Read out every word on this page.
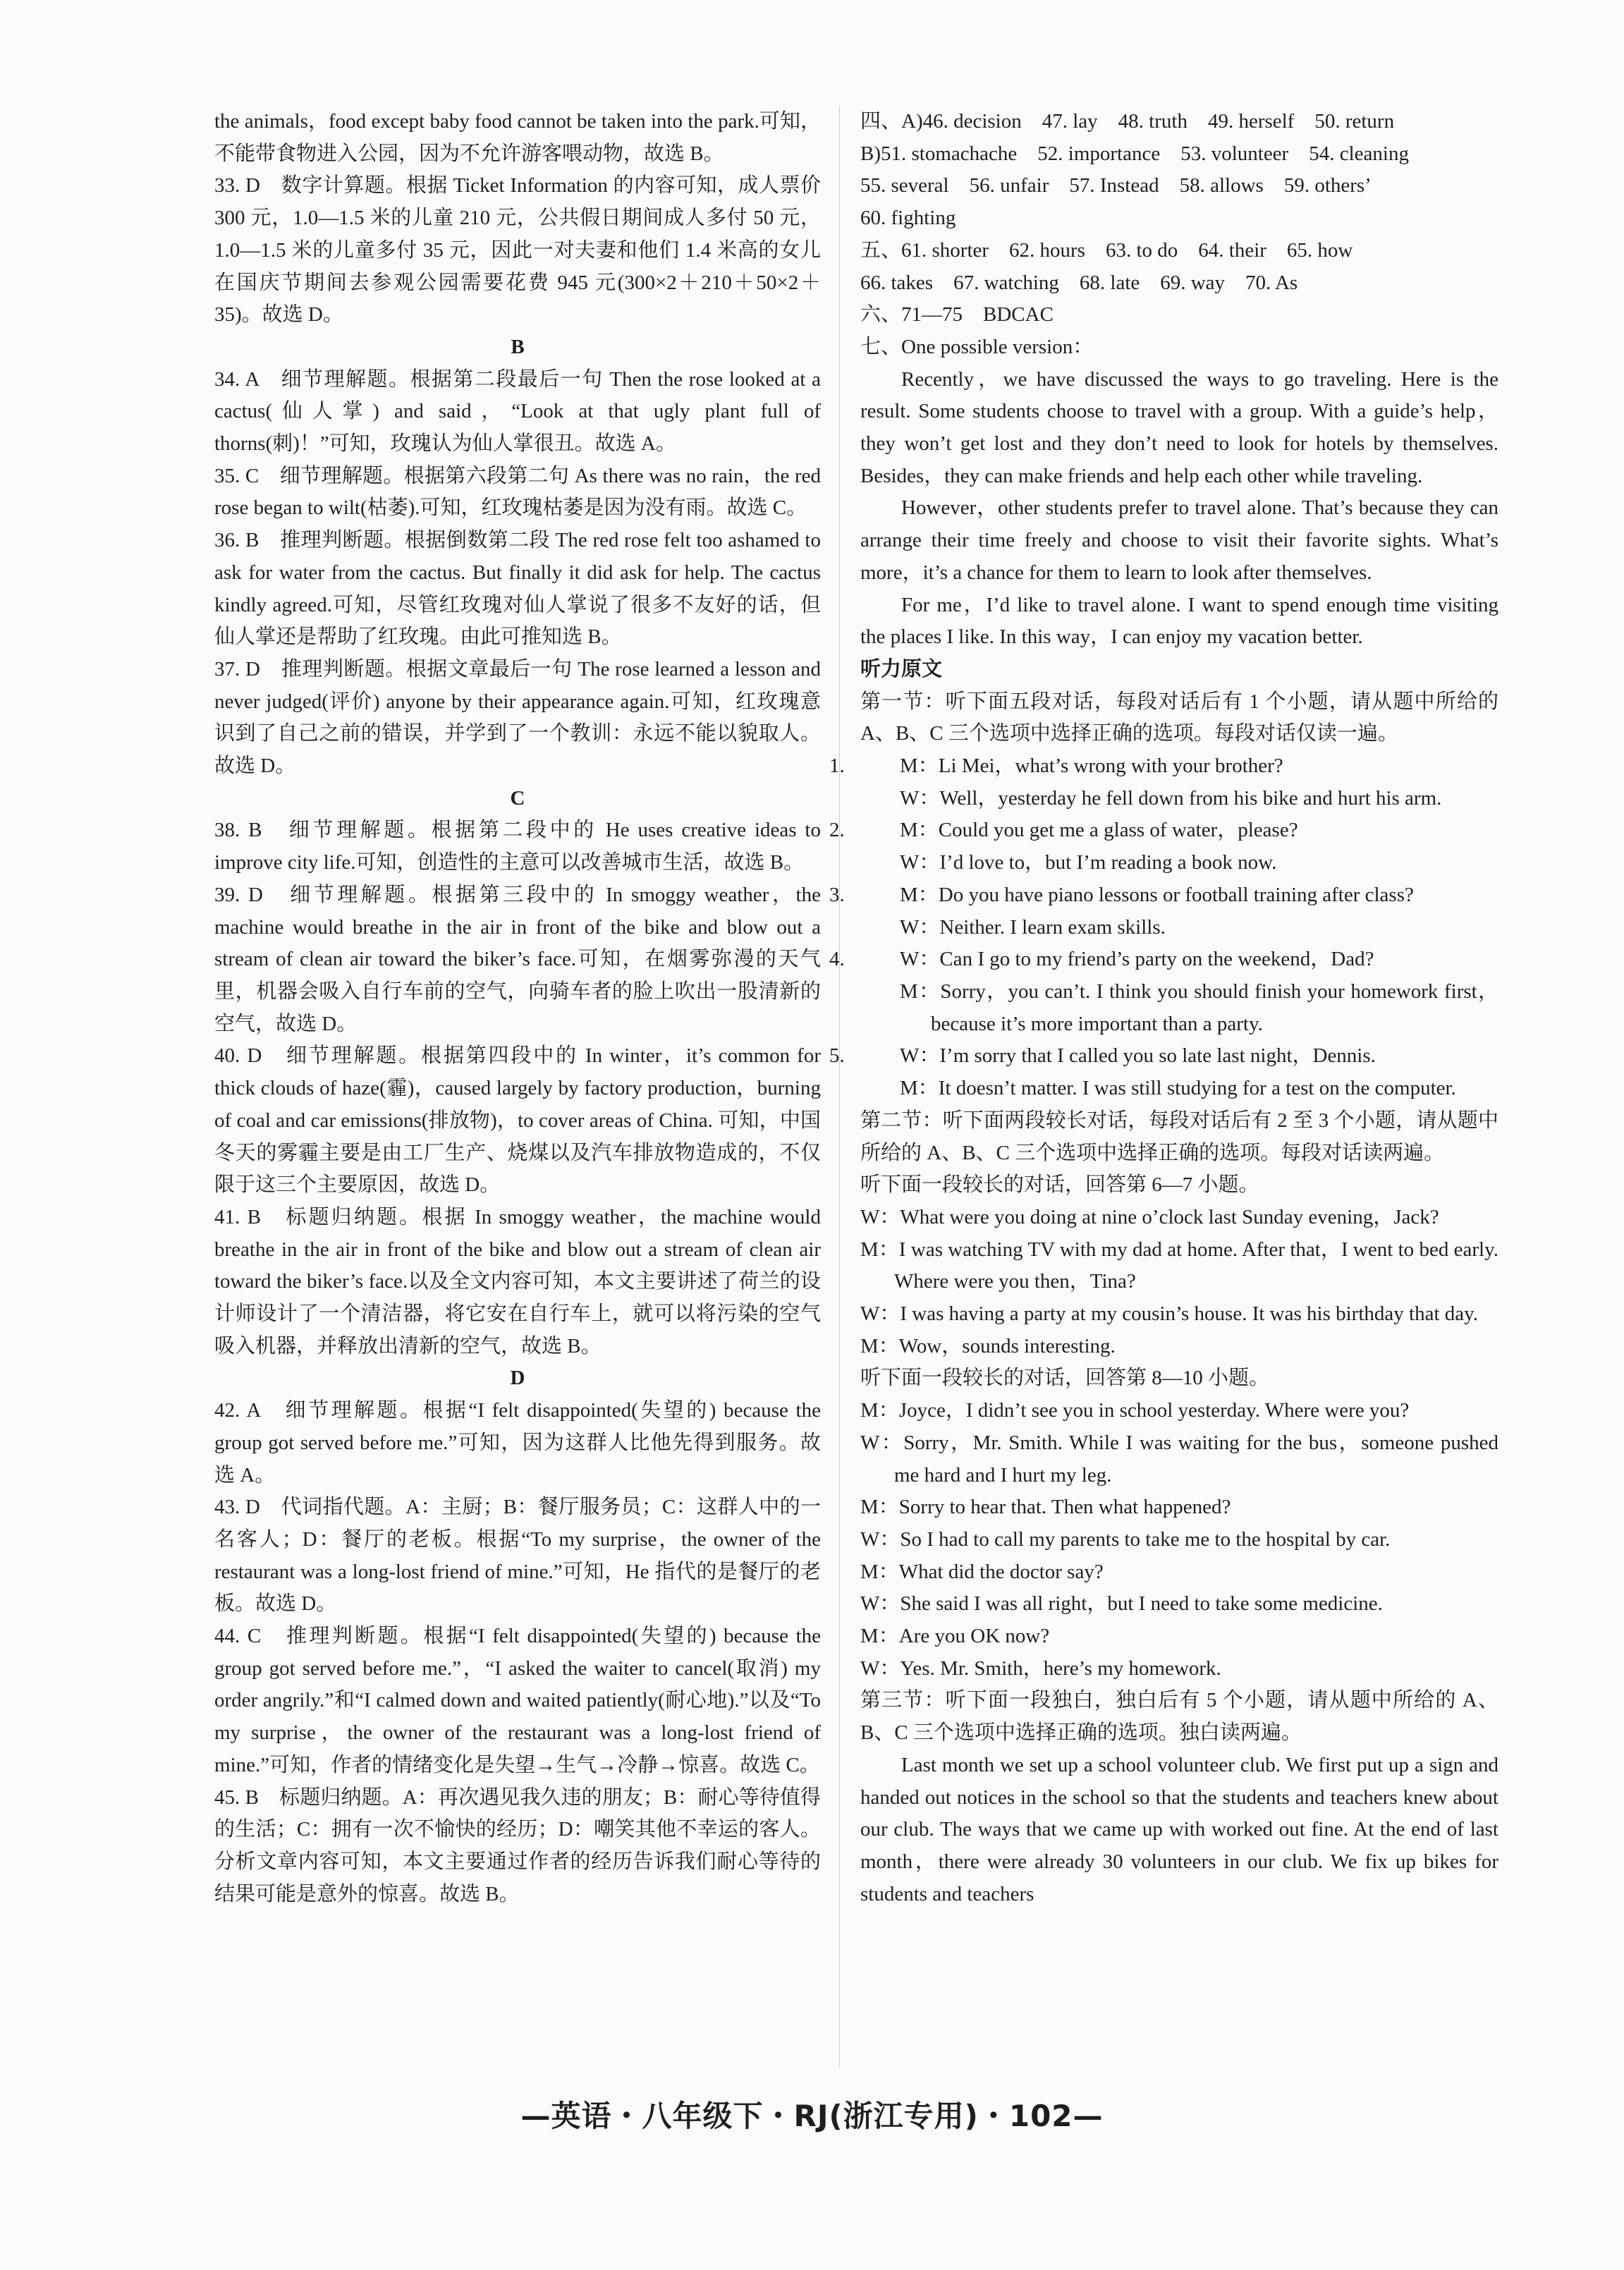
the animals，food except baby food cannot be taken into the park.可知，不能带食物进入公园，因为不允许游客喂动物，故选 B。

33. D　数字计算题。根据 Ticket Information 的内容可知，成人票价 300 元，1.0—1.5 米的儿童 210 元，公共假日期间成人多付 50 元，1.0—1.5 米的儿童多付 35 元，因此一对夫妻和他们 1.4 米高的女儿在国庆节期间去参观公园需要花费 945 元(300×2＋210＋50×2＋35)。故选 D。

B

34. A　细节理解题。根据第二段最后一句 Then the rose looked at a cactus(仙人掌) and said，“Look at that ugly plant full of thorns(刺)！”可知，玫瑰认为仙人掌很丑。故选 A。

35. C　细节理解题。根据第六段第二句 As there was no rain，the red rose began to wilt(枯萎).可知，红玫瑰枯萎是因为没有雨。故选 C。

36. B　推理判断题。根据倒数第二段 The red rose felt too ashamed to ask for water from the cactus. But finally it did ask for help. The cactus kindly agreed.可知，尽管红玫瑰对仙人掌说了很多不友好的话，但仙人掌还是帮助了红玫瑰。由此可推知选 B。

37. D　推理判断题。根据文章最后一句 The rose learned a lesson and never judged(评价) anyone by their appearance again.可知，红玫瑰意识到了自己之前的错误，并学到了一个教训：永远不能以貌取人。故选 D。

C

38. B　细节理解题。根据第二段中的 He uses creative ideas to improve city life.可知，创造性的主意可以改善城市生活，故选 B。

39. D　细节理解题。根据第三段中的 In smoggy weather，the machine would breathe in the air in front of the bike and blow out a stream of clean air toward the biker’s face.可知，在烟雾弥漫的天气里，机器会吸入自行车前的空气，向骑车者的脸上吹出一股清新的空气，故选 D。

40. D　细节理解题。根据第四段中的 In winter，it’s common for thick clouds of haze(霾)，caused largely by factory production，burning of coal and car emissions(排放物)，to cover areas of China. 可知，中国冬天的雾霾主要是由工厂生产、烧煤以及汽车排放物造成的，不仅限于这三个主要原因，故选 D。

41. B　标题归纳题。根据 In smoggy weather，the machine would breathe in the air in front of the bike and blow out a stream of clean air toward the biker’s face.以及全文内容可知，本文主要讲述了荷兰的设计师设计了一个清洁器，将它安在自行车上，就可以将污染的空气吸入机器，并释放出清新的空气，故选 B。

D

42. A　细节理解题。根据“I felt disappointed(失望的) because the group got served before me.”可知，因为这群人比他先得到服务。故选 A。

43. D　代词指代题。A：主厨；B：餐厅服务员；C：这群人中的一名客人；D：餐厅的老板。根据“To my surprise，the owner of the restaurant was a long-lost friend of mine.”可知，He 指代的是餐厅的老板。故选 D。

44. C　推理判断题。根据“I felt disappointed(失望的) because the group got served before me.”，“I asked the waiter to cancel(取消) my order angrily.”和“I calmed down and waited patiently(耐心地).”以及“To my surprise，the owner of the restaurant was a long-lost friend of mine.”可知，作者的情绪变化是失望→生气→冷静→惊喜。故选 C。

45. B　标题归纳题。A：再次遇见我久违的朋友；B：耐心等待值得的生活；C：拥有一次不愉快的经历；D：嘲笑其他不幸运的客人。分析文章内容可知，本文主要通过作者的经历告诉我们耐心等待的结果可能是意外的惊喜。故选 B。

四、A)46. decision　47. lay　48. truth　49. herself　50. return

B)51. stomachache　52. importance　53. volunteer　54. cleaning

55. several　56. unfair　57. Instead　58. allows　59. others’

60. fighting

五、61. shorter　62. hours　63. to do　64. their　65. how

66. takes　67. watching　68. late　69. way　70. As

六、71—75　BDCAC

七、One possible version：

Recently，we have discussed the ways to go traveling. Here is the result. Some students choose to travel with a group. With a guide’s help，they won’t get lost and they don’t need to look for hotels by themselves. Besides，they can make friends and help each other while traveling.

However，other students prefer to travel alone. That’s because they can arrange their time freely and choose to visit their favorite sights. What’s more，it’s a chance for them to learn to look after themselves.

For me，I’d like to travel alone. I want to spend enough time visiting the places I like. In this way，I can enjoy my vacation better.

听力原文

第一节：听下面五段对话，每段对话后有 1 个小题，请从题中所给的 A、B、C 三个选项中选择正确的选项。每段对话仅读一遍。

1.	M：Li Mei，what’s wrong with your brother?

W：Well，yesterday he fell down from his bike and hurt his arm.

2.	M：Could you get me a glass of water，please?

W：I’d love to，but I’m reading a book now.

3.	M：Do you have piano lessons or football training after class?

W：Neither. I learn exam skills.

4.	W：Can I go to my friend’s party on the weekend，Dad?

M：Sorry，you can’t. I think you should finish your homework first，because it’s more important than a party.

5.	W：I’m sorry that I called you so late last night，Dennis.

M：It doesn’t matter. I was still studying for a test on the computer.

第二节：听下面两段较长对话，每段对话后有 2 至 3 个小题，请从题中所给的 A、B、C 三个选项中选择正确的选项。每段对话读两遍。

听下面一段较长的对话，回答第 6—7 小题。

W：What were you doing at nine o’clock last Sunday evening，Jack?

M：I was watching TV with my dad at home. After that，I went to bed early. Where were you then，Tina?

W：I was having a party at my cousin’s house. It was his birthday that day.

M：Wow，sounds interesting.

听下面一段较长的对话，回答第 8—10 小题。

M：Joyce，I didn’t see you in school yesterday. Where were you?

W：Sorry，Mr. Smith. While I was waiting for the bus，someone pushed me hard and I hurt my leg.

M：Sorry to hear that. Then what happened?

W：So I had to call my parents to take me to the hospital by car.

M：What did the doctor say?

W：She said I was all right，but I need to take some medicine.

M：Are you OK now?

W：Yes. Mr. Smith，here’s my homework.

第三节：听下面一段独白，独白后有 5 个小题，请从题中所给的 A、B、C 三个选项中选择正确的选项。独白读两遍。

Last month we set up a school volunteer club. We first put up a sign and handed out notices in the school so that the students and teachers knew about our club. The ways that we came up with worked out fine. At the end of last month，there were already 30 volunteers in our club. We fix up bikes for students and teachers

—英语・八年级下・RJ(浙江专用)・102—
